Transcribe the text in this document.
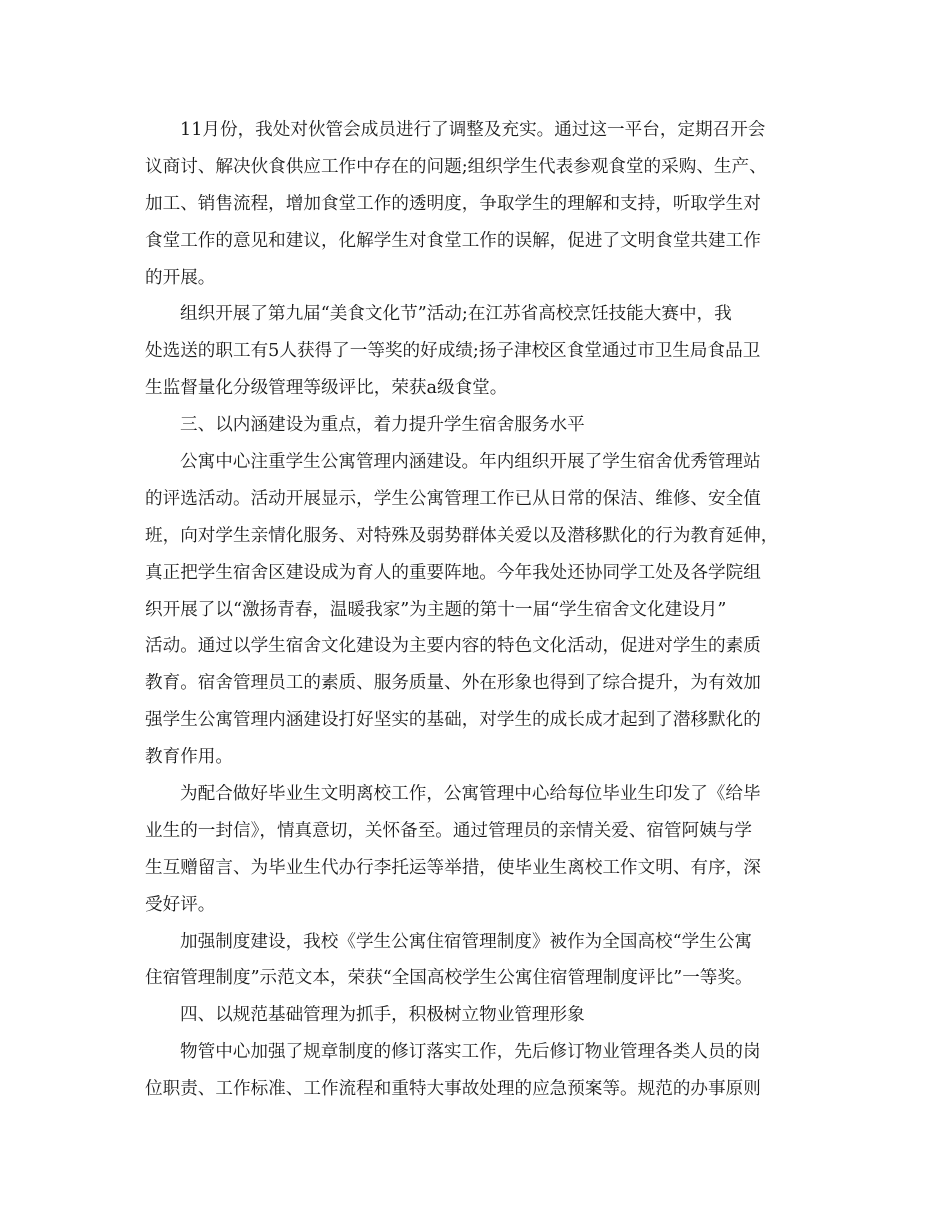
11月份，我处对伙管会成员进行了调整及充实。通过这一平台，定期召开会
议商讨、解决伙食供应工作中存在的问题;组织学生代表参观食堂的采购、生产、
加工、销售流程，增加食堂工作的透明度，争取学生的理解和支持，听取学生对
食堂工作的意见和建议，化解学生对食堂工作的误解，促进了文明食堂共建工作
的开展。
组织开展了第九届“美食文化节”活动;在江苏省高校烹饪技能大赛中，我
处选送的职工有5人获得了一等奖的好成绩;扬子津校区食堂通过市卫生局食品卫
生监督量化分级管理等级评比，荣获a级食堂。
三、以内涵建设为重点，着力提升学生宿舍服务水平
公寓中心注重学生公寓管理内涵建设。年内组织开展了学生宿舍优秀管理站
的评选活动。活动开展显示，学生公寓管理工作已从日常的保洁、维修、安全值
班，向对学生亲情化服务、对特殊及弱势群体关爱以及潜移默化的行为教育延伸，
真正把学生宿舍区建设成为育人的重要阵地。今年我处还协同学工处及各学院组
织开展了以“激扬青春，温暖我家”为主题的第十一届“学生宿舍文化建设月”
活动。通过以学生宿舍文化建设为主要内容的特色文化活动，促进对学生的素质
教育。宿舍管理员工的素质、服务质量、外在形象也得到了综合提升，为有效加
强学生公寓管理内涵建设打好坚实的基础，对学生的成长成才起到了潜移默化的
教育作用。
为配合做好毕业生文明离校工作，公寓管理中心给每位毕业生印发了《给毕
业生的一封信》，情真意切，关怀备至。通过管理员的亲情关爱、宿管阿姨与学
生互赠留言、为毕业生代办行李托运等举措，使毕业生离校工作文明、有序，深
受好评。
加强制度建设，我校《学生公寓住宿管理制度》被作为全国高校“学生公寓
住宿管理制度”示范文本，荣获“全国高校学生公寓住宿管理制度评比”一等奖。
四、以规范基础管理为抓手，积极树立物业管理形象
物管中心加强了规章制度的修订落实工作，先后修订物业管理各类人员的岗
位职责、工作标准、工作流程和重特大事故处理的应急预案等。规范的办事原则
